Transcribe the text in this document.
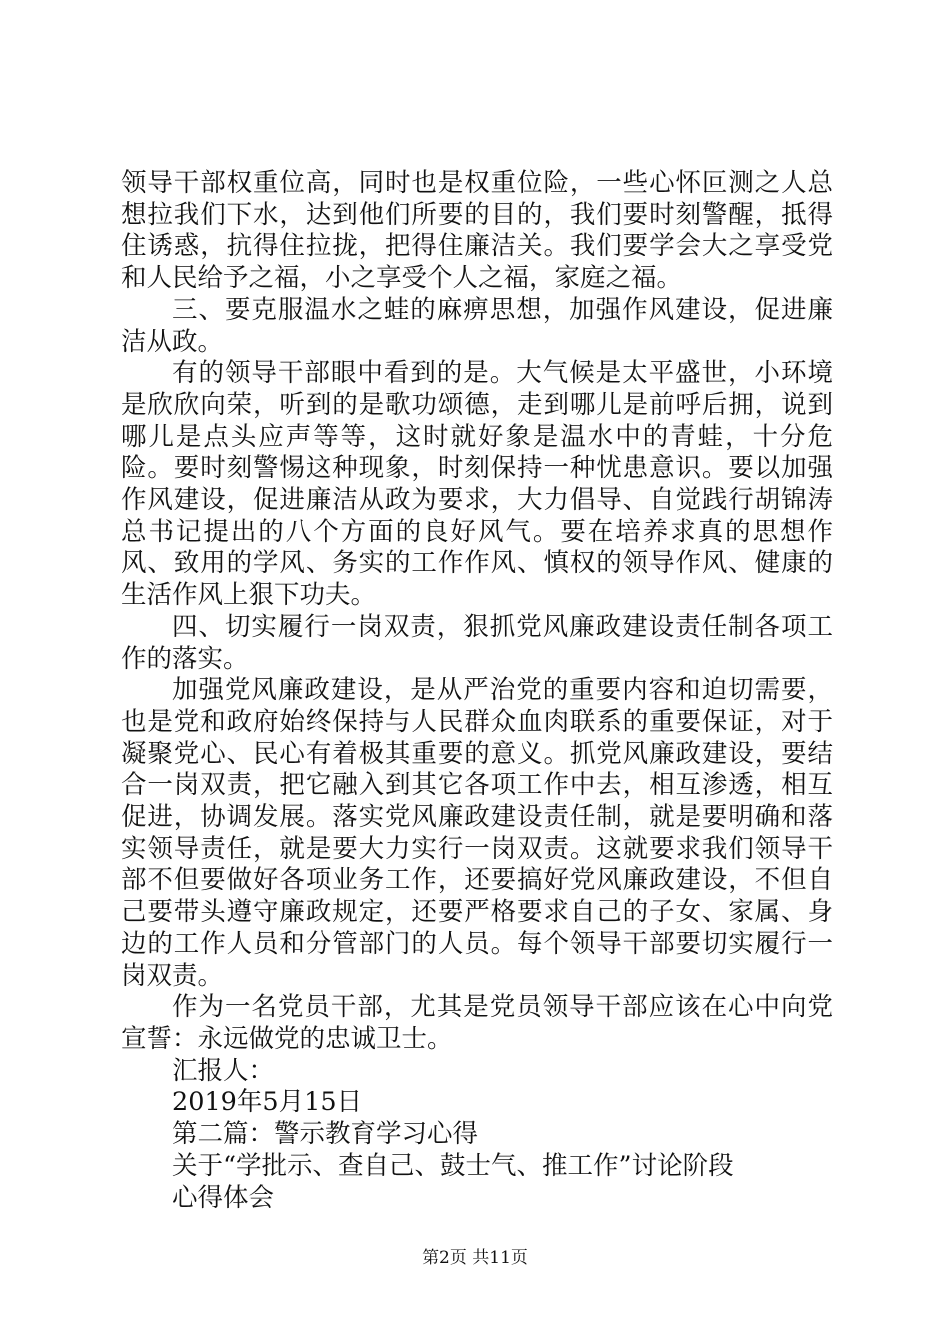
领导干部权重位高，同时也是权重位险，一些心怀叵测之人总想拉我们下水，达到他们所要的目的，我们要时刻警醒，抵得住诱惑，抗得住拉拢，把得住廉洁关。我们要学会大之享受党和人民给予之福，小之享受个人之福，家庭之福。

三、要克服温水之蛙的麻痹思想，加强作风建设，促进廉洁从政。

有的领导干部眼中看到的是。大气候是太平盛世，小环境是欣欣向荣，听到的是歌功颂德，走到哪儿是前呼后拥，说到哪儿是点头应声等等，这时就好象是温水中的青蛙，十分危险。要时刻警惕这种现象，时刻保持一种忧患意识。要以加强作风建设，促进廉洁从政为要求，大力倡导、自觉践行胡锦涛总书记提出的八个方面的良好风气。要在培养求真的思想作风、致用的学风、务实的工作作风、慎权的领导作风、健康的生活作风上狠下功夫。

四、切实履行一岗双责，狠抓党风廉政建设责任制各项工作的落实。

加强党风廉政建设，是从严治党的重要内容和迫切需要，也是党和政府始终保持与人民群众血肉联系的重要保证，对于凝聚党心、民心有着极其重要的意义。抓党风廉政建设，要结合一岗双责，把它融入到其它各项工作中去，相互渗透，相互促进，协调发展。落实党风廉政建设责任制，就是要明确和落实领导责任，就是要大力实行一岗双责。这就要求我们领导干部不但要做好各项业务工作，还要搞好党风廉政建设，不但自己要带头遵守廉政规定，还要严格要求自己的子女、家属、身边的工作人员和分管部门的人员。每个领导干部要切实履行一岗双责。

作为一名党员干部，尤其是党员领导干部应该在心中向党宣誓：永远做党的忠诚卫士。

汇报人：

2019年5月15日

第二篇：警示教育学习心得

关于“学批示、查自己、鼓士气、推工作”讨论阶段

心得体会

第2页 共11页
